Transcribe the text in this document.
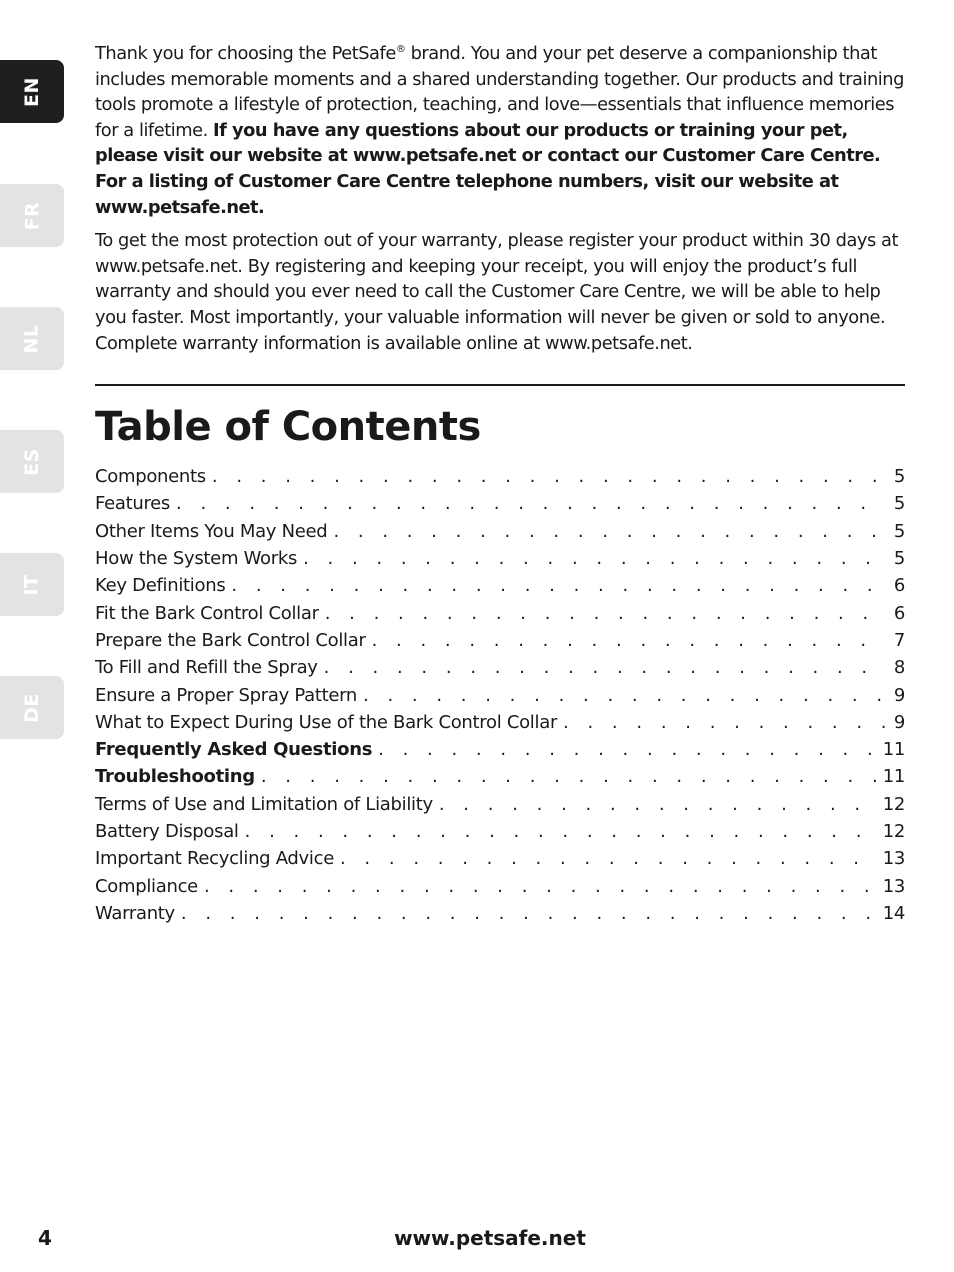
EN
FR
NL
ES
IT
DE

Thank you for choosing the PetSafe® brand. You and your pet deserve a companionship that includes memorable moments and a shared understanding together. Our products and training tools promote a lifestyle of protection, teaching, and love—essentials that influence memories for a lifetime. If you have any questions about our products or training your pet, please visit our website at www.petsafe.net or contact our Customer Care Centre. For a listing of Customer Care Centre telephone numbers, visit our website at www.petsafe.net.

To get the most protection out of your warranty, please register your product within 30 days at www.petsafe.net. By registering and keeping your receipt, you will enjoy the product’s full warranty and should you ever need to call the Customer Care Centre, we will be able to help you faster. Most importantly, your valuable information will never be given or sold to anyone. Complete warranty information is available online at www.petsafe.net.

Table of Contents
Components . . .	5
Features . . .	5
Other Items You May Need . . .	5
How the System Works . . .	5
Key Definitions . . .	6
Fit the Bark Control Collar . . .	6
Prepare the Bark Control Collar . . .	7
To Fill and Refill the Spray . . .	8
Ensure a Proper Spray Pattern . . .	9
What to Expect During Use of the Bark Control Collar . . .	9
Frequently Asked Questions . . .	11
Troubleshooting . . .	11
Terms of Use and Limitation of Liability . . .	12
Battery Disposal . . .	12
Important Recycling Advice . . .	13
Compliance . . .	13
Warranty . . .	14
4	www.petsafe.net
